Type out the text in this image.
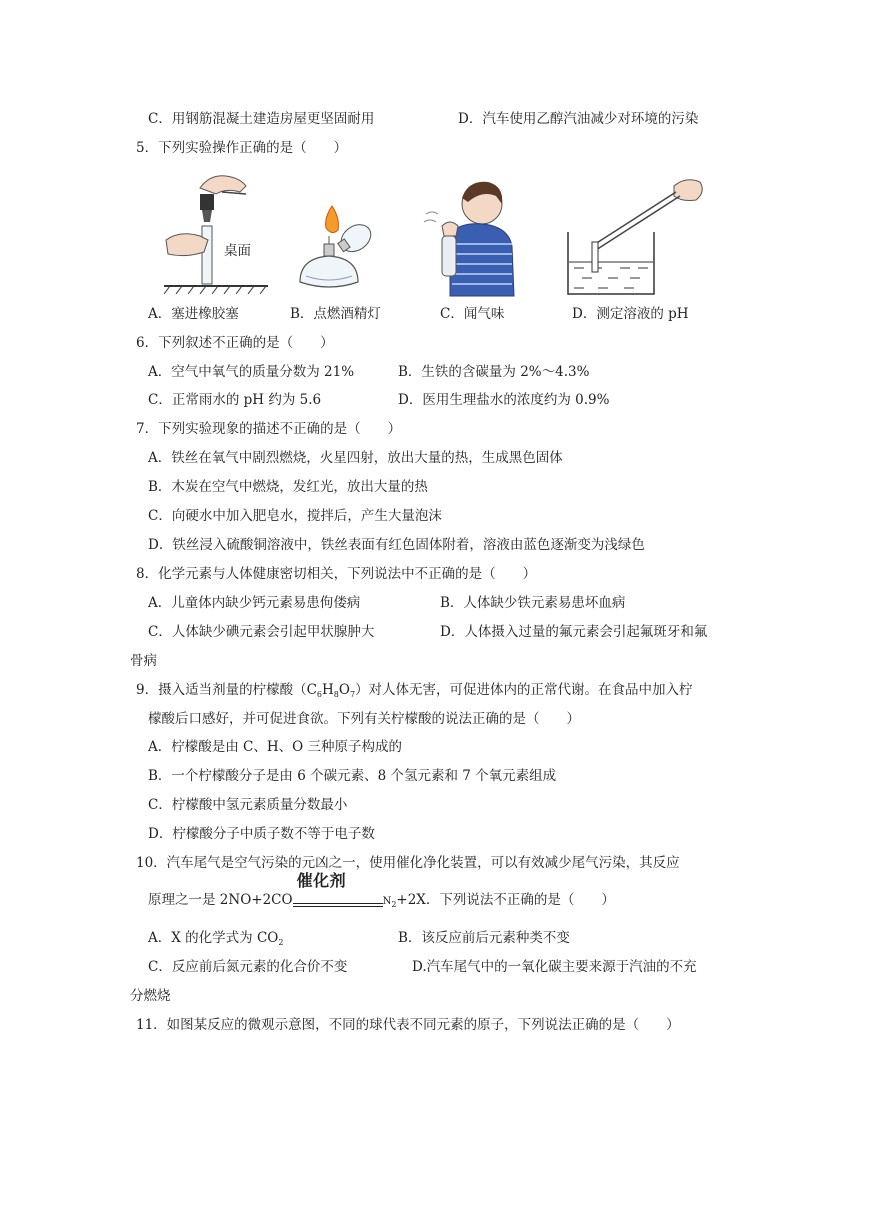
C．用钢筋混凝土建造房屋更坚固耐用	D．汽车使用乙醇汽油减少对环境的污染
5．下列实验操作正确的是（　　）
桌面
A．塞进橡胶塞	B．点燃酒精灯	C．闻气味	D．测定溶液的 pH
6．下列叙述不正确的是（　　）
A．空气中氧气的质量分数为 21%	B．生铁的含碳量为 2%～4.3%
C．正常雨水的 pH 约为 5.6	D．医用生理盐水的浓度约为 0.9%
7．下列实验现象的描述不正确的是（　　）
A．铁丝在氧气中剧烈燃烧，火星四射，放出大量的热，生成黑色固体
B．木炭在空气中燃烧，发红光，放出大量的热
C．向硬水中加入肥皂水，搅拌后，产生大量泡沫
D．铁丝浸入硫酸铜溶液中，铁丝表面有红色固体附着，溶液由蓝色逐渐变为浅绿色
8．化学元素与人体健康密切相关，下列说法中不正确的是（　　）
A．儿童体内缺少钙元素易患佝偻病	B．人体缺少铁元素易患坏血病
C．人体缺少碘元素会引起甲状腺肿大	D．人体摄入过量的氟元素会引起氟斑牙和氟
骨病
9．摄入适当剂量的柠檬酸$(C_6H_8O_7)$对人体无害，可促进体内的正常代谢。在食品中加入柠
檬酸后口感好，并可促进食欲。下列有关柠檬酸的说法正确的是（　　）
A．柠檬酸是由 C、H、O 三种原子构成的
B．一个柠檬酸分子是由 6 个碳元素、8 个氢元素和 7 个氧元素组成
C．柠檬酸中氢元素质量分数最小
D．柠檬酸分子中质子数不等于电子数
10．汽车尾气是空气污染的元凶之一，使用催化净化装置，可以有效减少尾气污染，其反应
原理之一是 2NO+2CO
催化剂
$N_2+2X$．下列说法不正确的是（　　）
A．X 的化学式为 $CO_2$	B．该反应前后元素种类不变
C．反应前后氮元素的化合价不变	D.汽车尾气中的一氧化碳主要来源于汽油的不充
分燃烧
11．如图某反应的微观示意图，不同的球代表不同元素的原子，下列说法正确的是（　　）
